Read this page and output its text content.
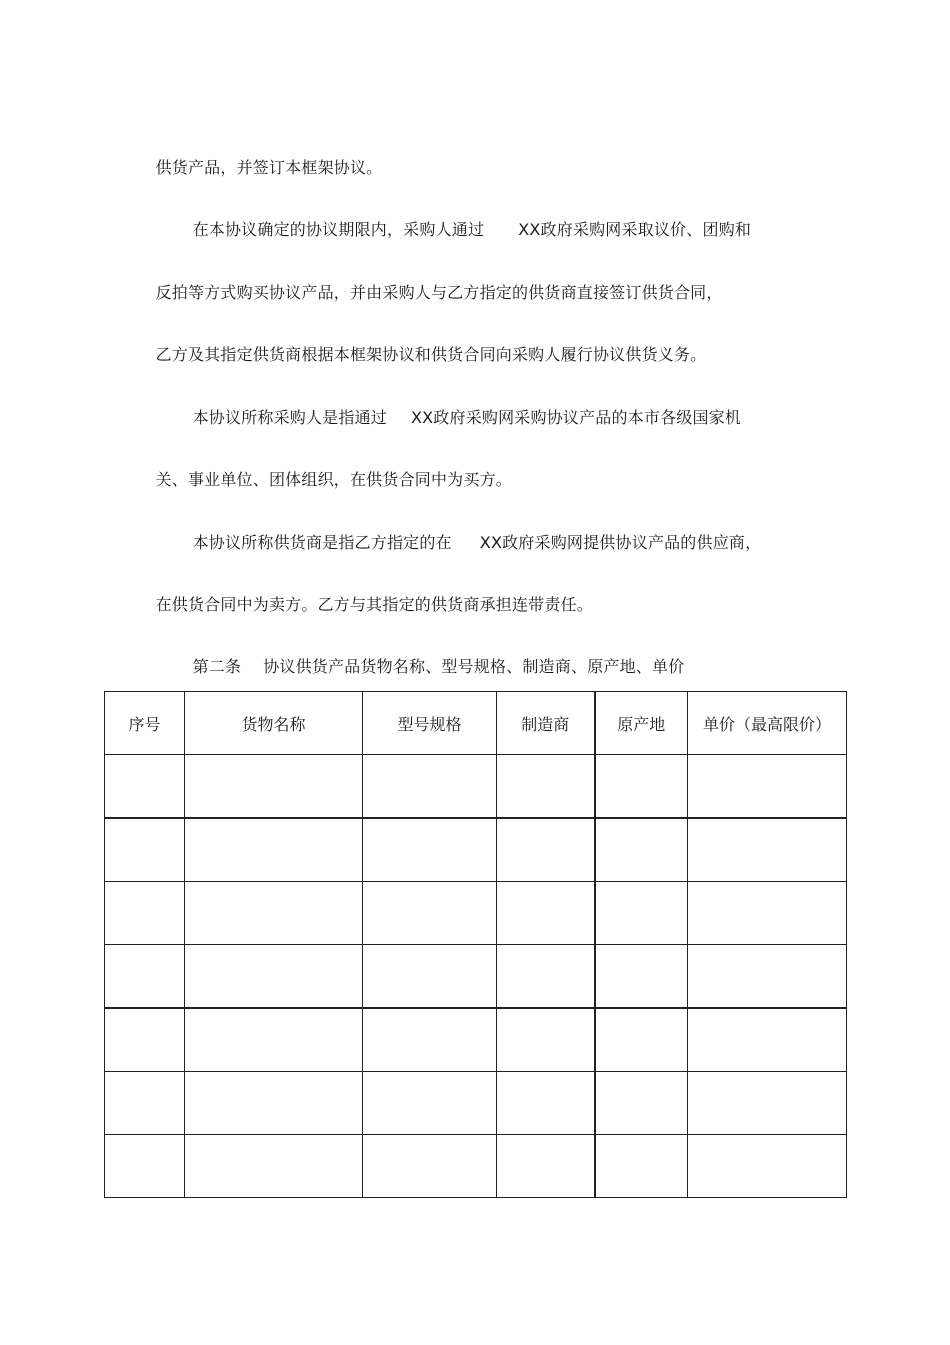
供货产品，并签订本框架协议。

在本协议确定的协议期限内，采购人通过 XX政府采购网采取议价、团购和

反拍等方式购买协议产品，并由采购人与乙方指定的供货商直接签订供货合同，

乙方及其指定供货商根据本框架协议和供货合同向采购人履行协议供货义务。

本协议所称采购人是指通过 XX政府采购网采购协议产品的本市各级国家机

关、事业单位、团体组织，在供货合同中为买方。

本协议所称供货商是指乙方指定的在 XX政府采购网提供协议产品的供应商，

在供货合同中为卖方。乙方与其指定的供货商承担连带责任。

第二条 协议供货产品货物名称、型号规格、制造商、原产地、单价

序号	货物名称	型号规格	制造商	原产地	单价（最高限价）
